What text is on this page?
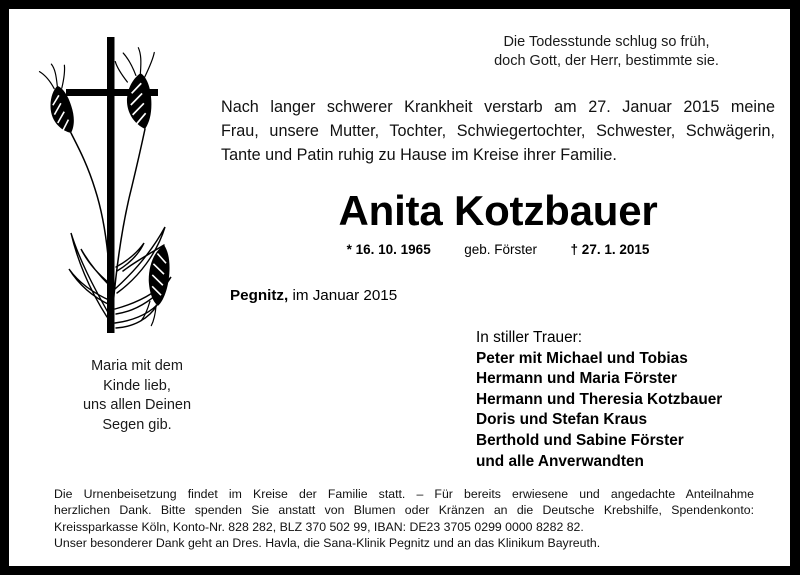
Die Todesstunde schlug so früh,
doch Gott, der Herr, bestimmte sie.
Nach langer schwerer Krankheit verstarb am 27. Januar 2015 meine
Frau, unsere Mutter, Tochter, Schwiegertochter, Schwester, Schwägerin,
Tante und Patin ruhig zu Hause im Kreise ihrer Familie.
Anita Kotzbauer
* 16. 10. 1965 geb. Förster † 27. 1. 2015
Pegnitz, im Januar 2015
Maria mit dem
Kinde lieb,
uns allen Deinen
Segen gib.
In stiller Trauer:
Peter mit Michael und Tobias
Hermann und Maria Förster
Hermann und Theresia Kotzbauer
Doris und Stefan Kraus
Berthold und Sabine Förster
und alle Anverwandten
Die Urnenbeisetzung findet im Kreise der Familie statt. – Für bereits erwiesene und angedachte Anteilnahme
herzlichen Dank. Bitte spenden Sie anstatt von Blumen oder Kränzen an die Deutsche Krebshilfe, Spendenkonto:
Kreissparkasse Köln, Konto-Nr. 828 282, BLZ 370 502 99, IBAN: DE23 3705 0299 0000 8282 82.
Unser besonderer Dank geht an Dres. Havla, die Sana-Klinik Pegnitz und an das Klinikum Bayreuth.
